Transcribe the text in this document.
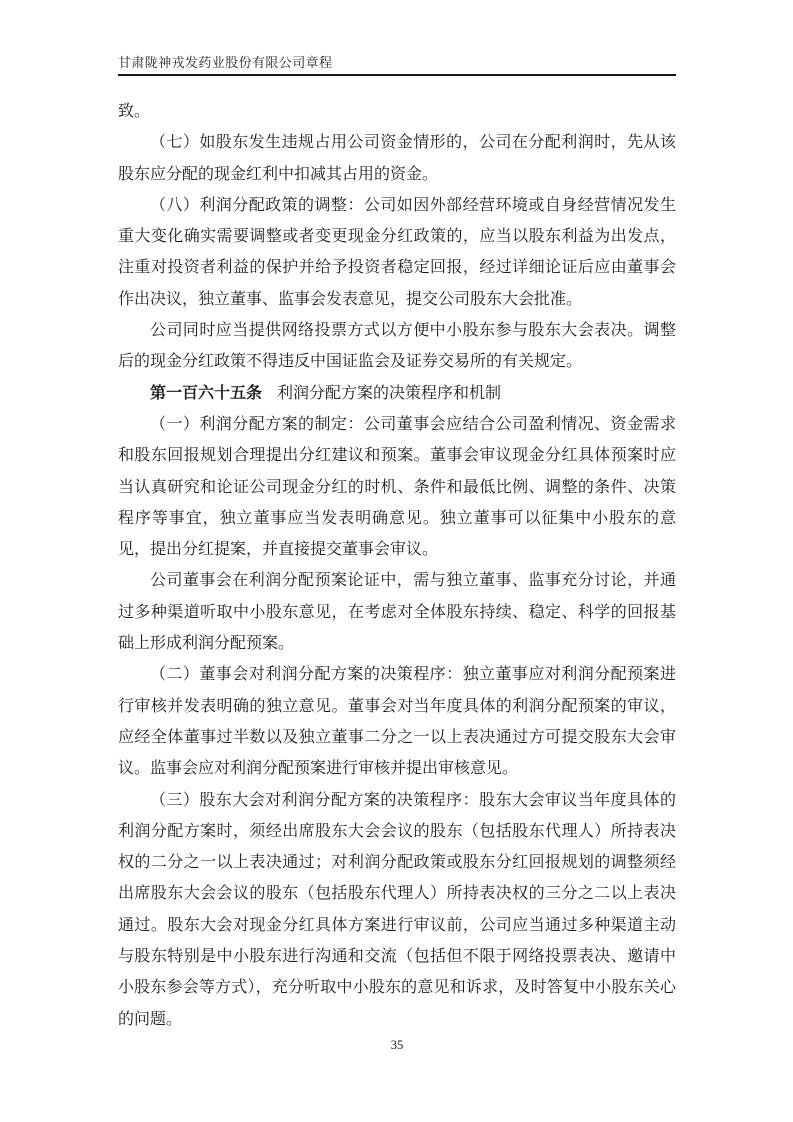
甘肃陇神戎发药业股份有限公司章程

致。

（七）如股东发生违规占用公司资金情形的，公司在分配利润时，先从该股东应分配的现金红利中扣减其占用的资金。

（八）利润分配政策的调整：公司如因外部经营环境或自身经营情况发生重大变化确实需要调整或者变更现金分红政策的，应当以股东利益为出发点，注重对投资者利益的保护并给予投资者稳定回报，经过详细论证后应由董事会作出决议，独立董事、监事会发表意见，提交公司股东大会批准。

公司同时应当提供网络投票方式以方便中小股东参与股东大会表决。调整后的现金分红政策不得违反中国证监会及证券交易所的有关规定。

第一百六十五条 利润分配方案的决策程序和机制

（一）利润分配方案的制定：公司董事会应结合公司盈利情况、资金需求和股东回报规划合理提出分红建议和预案。董事会审议现金分红具体预案时应当认真研究和论证公司现金分红的时机、条件和最低比例、调整的条件、决策程序等事宜，独立董事应当发表明确意见。独立董事可以征集中小股东的意见，提出分红提案，并直接提交董事会审议。

公司董事会在利润分配预案论证中，需与独立董事、监事充分讨论，并通过多种渠道听取中小股东意见，在考虑对全体股东持续、稳定、科学的回报基础上形成利润分配预案。

（二）董事会对利润分配方案的决策程序：独立董事应对利润分配预案进行审核并发表明确的独立意见。董事会对当年度具体的利润分配预案的审议，应经全体董事过半数以及独立董事二分之一以上表决通过方可提交股东大会审议。监事会应对利润分配预案进行审核并提出审核意见。

（三）股东大会对利润分配方案的决策程序：股东大会审议当年度具体的利润分配方案时，须经出席股东大会会议的股东（包括股东代理人）所持表决权的二分之一以上表决通过；对利润分配政策或股东分红回报规划的调整须经出席股东大会会议的股东（包括股东代理人）所持表决权的三分之二以上表决通过。股东大会对现金分红具体方案进行审议前，公司应当通过多种渠道主动与股东特别是中小股东进行沟通和交流（包括但不限于网络投票表决、邀请中小股东参会等方式），充分听取中小股东的意见和诉求，及时答复中小股东关心的问题。

35
